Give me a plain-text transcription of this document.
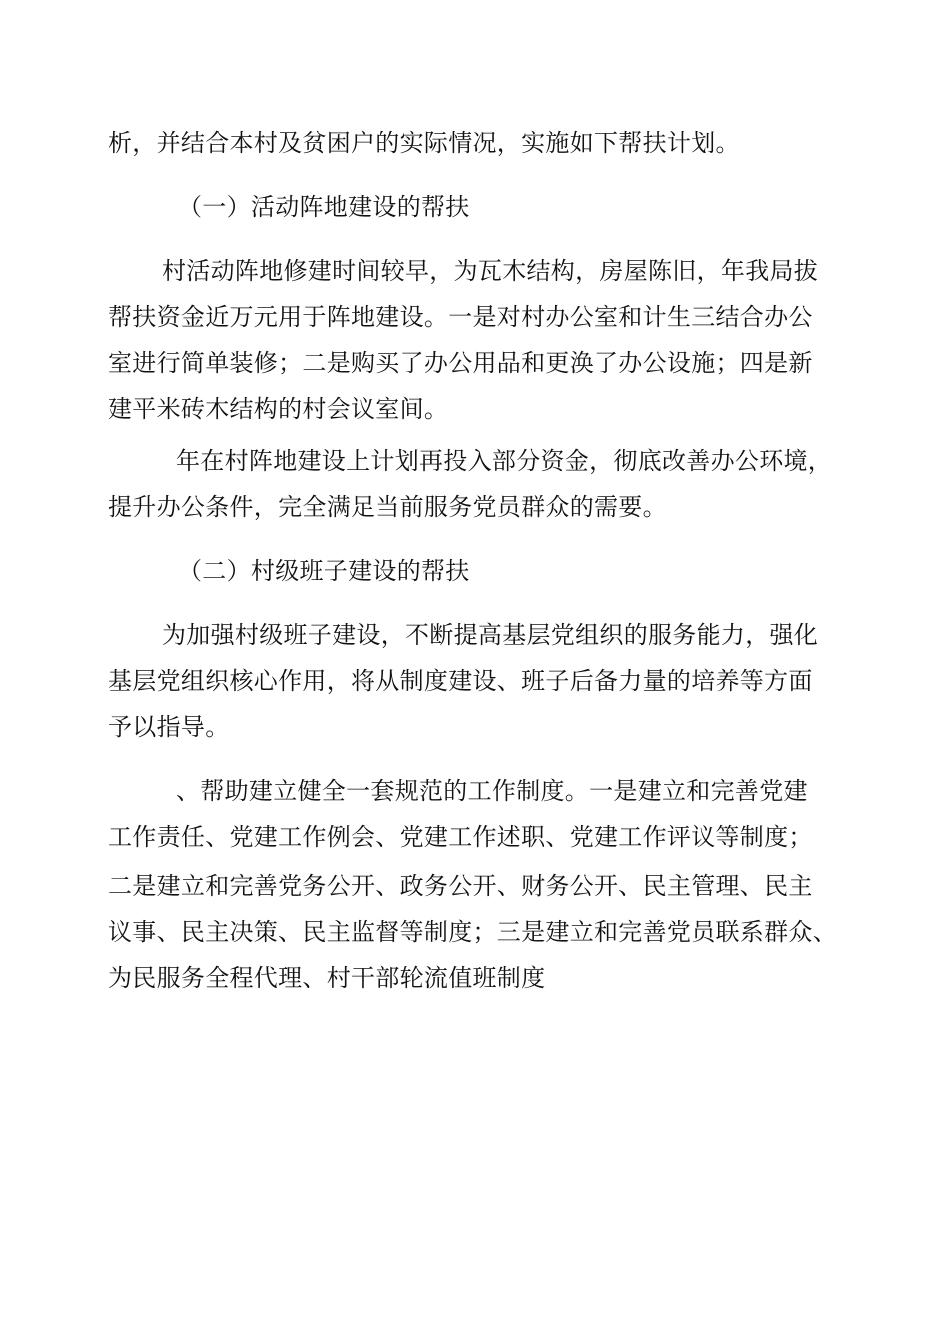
析，并结合本村及贫困户的实际情况，实施如下帮扶计划。
（一）活动阵地建设的帮扶
村活动阵地修建时间较早，为瓦木结构，房屋陈旧，年我局拔
帮扶资金近万元用于阵地建设。一是对村办公室和计生三结合办公
室进行简单装修；二是购买了办公用品和更涣了办公设施；四是新
建平米砖木结构的村会议室间。
年在村阵地建设上计划再投入部分资金，彻底改善办公环境，
提升办公条件，完全满足当前服务党员群众的需要。
（二）村级班子建设的帮扶
为加强村级班子建设，不断提高基层党组织的服务能力，强化
基层党组织核心作用，将从制度建设、班子后备力量的培养等方面
予以指导。
、帮助建立健全一套规范的工作制度。一是建立和完善党建
工作责任、党建工作例会、党建工作述职、党建工作评议等制度；
二是建立和完善党务公开、政务公开、财务公开、民主管理、民主
议事、民主决策、民主监督等制度；三是建立和完善党员联系群众、
为民服务全程代理、村干部轮流值班制度
